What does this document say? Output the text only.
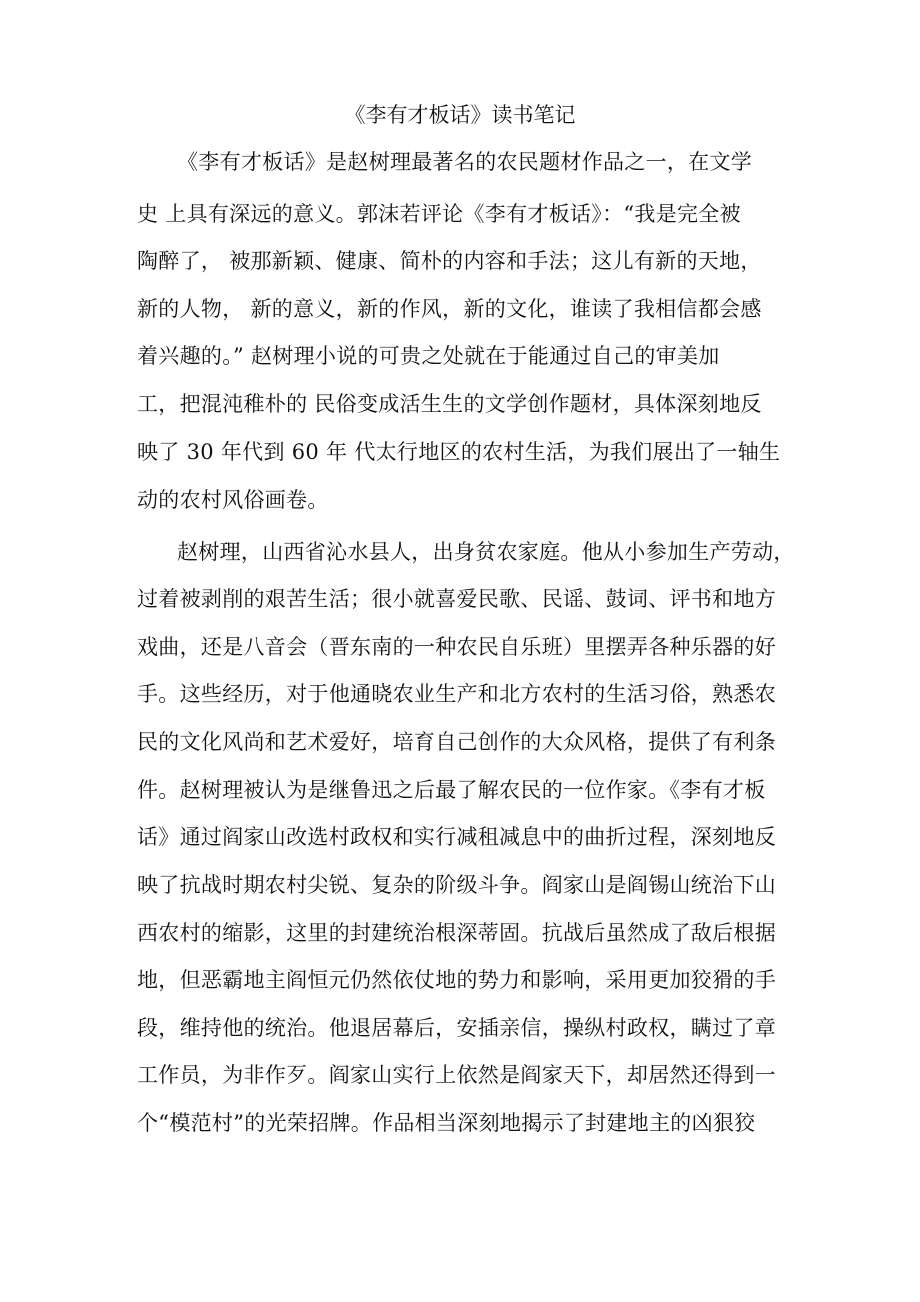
《李有才板话》读书笔记
《李有才板话》是赵树理最著名的农民题材作品之一，在文学
史 上具有深远的意义。郭沫若评论《李有才板话》：“我是完全被
陶醉了， 被那新颖、健康、简朴的内容和手法；这儿有新的天地，
新的人物， 新的意义，新的作风，新的文化，谁读了我相信都会感
着兴趣的。” 赵树理小说的可贵之处就在于能通过自己的审美加
工，把混沌稚朴的 民俗变成活生生的文学创作题材，具体深刻地反
映了 30 年代到 60 年 代太行地区的农村生活，为我们展出了一轴生
动的农村风俗画卷。
赵树理，山西省沁水县人，出身贫农家庭。他从小参加生产劳动，
过着被剥削的艰苦生活；很小就喜爱民歌、民谣、鼓词、评书和地方
戏曲，还是八音会（晋东南的一种农民自乐班）里摆弄各种乐器的好
手。这些经历，对于他通晓农业生产和北方农村的生活习俗，熟悉农
民的文化风尚和艺术爱好，培育自己创作的大众风格，提供了有利条
件。赵树理被认为是继鲁迅之后最了解农民的一位作家。《李有才板
话》通过阎家山改选村政权和实行减租减息中的曲折过程，深刻地反
映了抗战时期农村尖锐、复杂的阶级斗争。阎家山是阎锡山统治下山
西农村的缩影，这里的封建统治根深蒂固。抗战后虽然成了敌后根据
地，但恶霸地主阎恒元仍然依仗地的势力和影响，采用更加狡猾的手
段，维持他的统治。他退居幕后，安插亲信，操纵村政权，瞒过了章
工作员，为非作歹。阎家山实行上依然是阎家天下，却居然还得到一
个“模范村”的光荣招牌。作品相当深刻地揭示了封建地主的凶狠狡
